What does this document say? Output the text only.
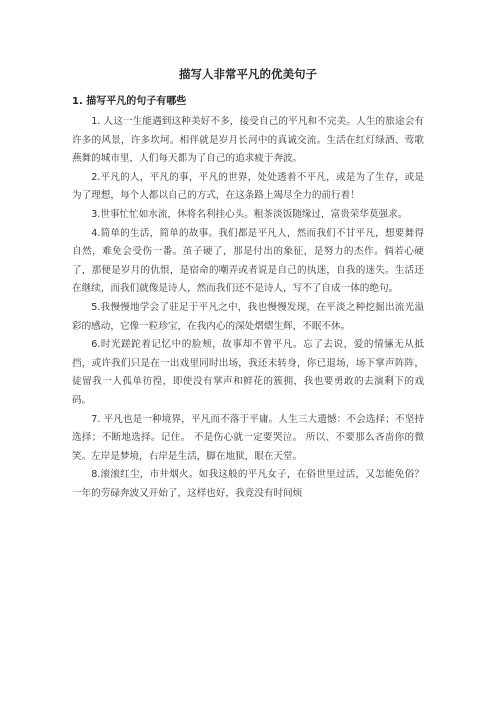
描写人非常平凡的优美句子
1. 描写平凡的句子有哪些

1. 人这一生能遇到这种美好不多，接受自己的平凡和不完美。人生的旅途会有许多的风景，许多坎坷。相伴就是岁月长河中的真诚交流。生活在红灯绿酒、莺歌燕舞的城市里，人们每天都为了自己的追求疲于奔波。

2.平凡的人，平凡的事，平凡的世界，处处透着不平凡，或是为了生存，或是为了理想，每个人都以自己的方式，在这条路上竭尽全力的前行着！

3.世事忙忙如水流，休将名利挂心头。粗茶淡饭随缘过，富贵荣华莫强求。

4.简单的生活，简单的故事。我们都是平凡人，然而我们不甘平凡，想要舞得自然，难免会受伤一番。茧子硬了，那是付出的象征，是努力的杰作。倘若心硬了，那便是岁月的仇恨，是宿命的嘲弄或者说是自己的执迷，自我的迷失。生活还在继续，而我们就像是诗人，然而我们还不是诗人，写不了自成一体的绝句。

5.我慢慢地学会了驻足于平凡之中，我也慢慢发现，在平淡之种挖掘出流光溢彩的感动，它像一粒珍宝，在我内心的深处熠熠生辉，不眠不休。

6.时光蹉跎着记忆中的脸颊，故事却不曾平凡。忘了去说，爱的情愫无从抵挡，或许我们只是在一出戏里同时出场，我还未转身，你已退场，场下掌声阵阵，徒留我一人孤单彷徨，即使没有掌声和鲜花的簇拥，我也要勇敢的去演剩下的戏码。

7. 平凡也是一种境界，平凡而不落于平庸。人生三大遗憾：不会选择；不坚持选择；不断地选择。记住。 不是伤心就一定要哭泣。 所以、不要那么吝啬你的微笑。左岸是梦境，右岸是生活，脚在地狱，眼在天堂。

8.滚滚红尘，市井烟火。如我这般的平凡女子，在俗世里过活，又怎能免俗？一年的劳碌奔波又开始了，这样也好，我竟没有时间烦
